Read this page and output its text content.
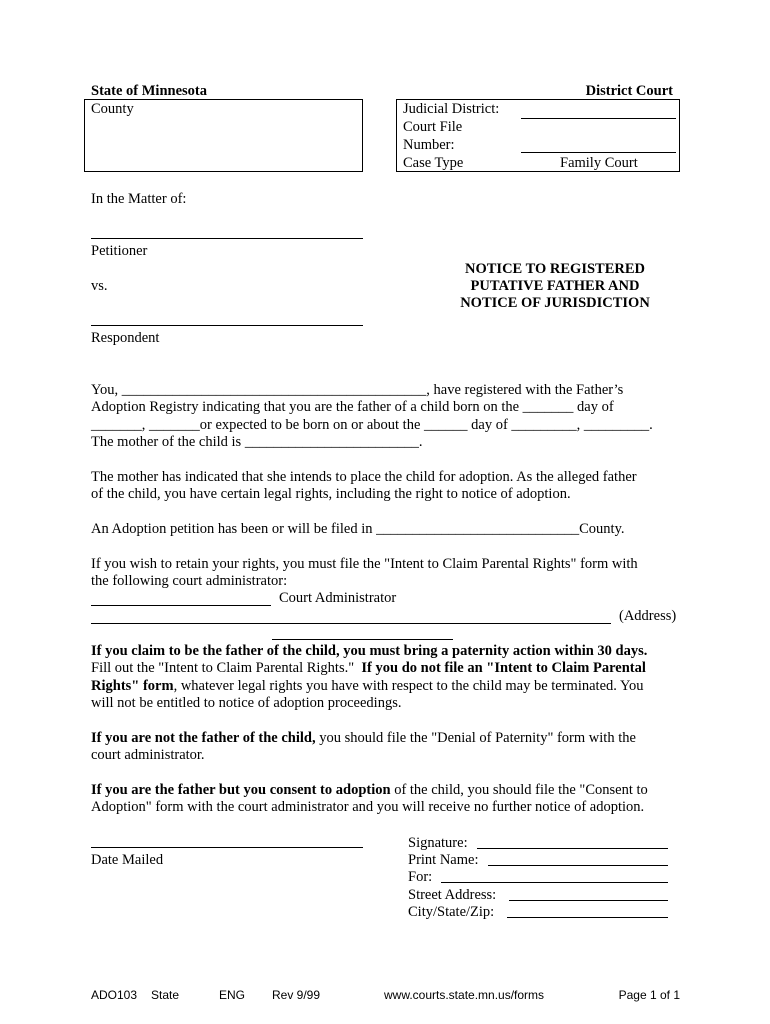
State of Minnesota	District Court
County	Judicial District:
Court File
Number:
Case Type	Family Court
In the Matter of:
Petitioner
vs.
Respondent
NOTICE TO REGISTERED
PUTATIVE FATHER AND
NOTICE OF JURISDICTION
You, __________________________________________, have registered with the Father’s
Adoption Registry indicating that you are the father of a child born on the _______ day of
_______, _______or expected to be born on or about the ______ day of _________, _________.
The mother of the child is ________________________.
The mother has indicated that she intends to place the child for adoption. As the alleged father
of the child, you have certain legal rights, including the right to notice of adoption.
An Adoption petition has been or will be filed in ____________________________County.
If you wish to retain your rights, you must file the "Intent to Claim Parental Rights" form with
the following court administrator:
Court Administrator
(Address)
If you claim to be the father of the child, you must bring a paternity action within 30 days.
Fill out the "Intent to Claim Parental Rights." If you do not file an "Intent to Claim Parental
Rights" form, whatever legal rights you have with respect to the child may be terminated. You
will not be entitled to notice of adoption proceedings.
If you are not the father of the child, you should file the "Denial of Paternity" form with the
court administrator.
If you are the father but you consent to adoption of the child, you should file the "Consent to
Adoption" form with the court administrator and you will receive no further notice of adoption.
Date Mailed
Signature:
Print Name:
For:
Street Address:
City/State/Zip:
ADO103 State	ENG Rev 9/99	www.courts.state.mn.us/forms	Page 1 of 1
